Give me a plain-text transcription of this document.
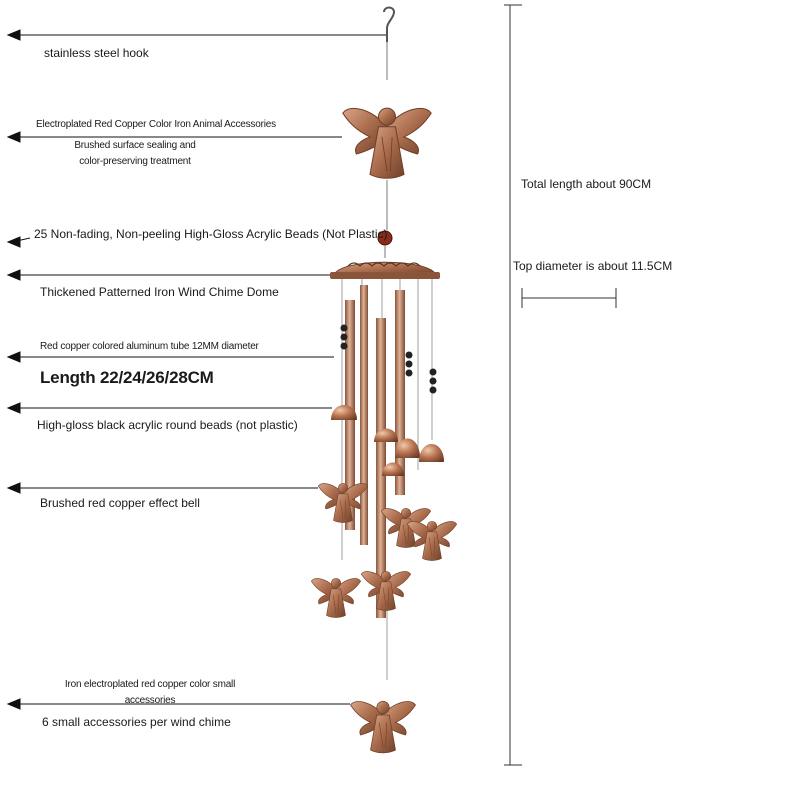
stainless steel hook
Electroplated Red Copper Color Iron Animal Accessories
Brushed surface sealing and
color-preserving treatment
25 Non-fading, Non-peeling High-Gloss Acrylic Beads (Not Plastic)
Thickened Patterned Iron Wind Chime Dome
Red copper colored aluminum tube 12MM diameter
Length 22/24/26/28CM
High-gloss black acrylic round beads (not plastic)
Brushed red copper effect bell
Iron electroplated red copper color small
accessories
6 small accessories per wind chime
Total length about 90CM
Top diameter is about 11.5CM
